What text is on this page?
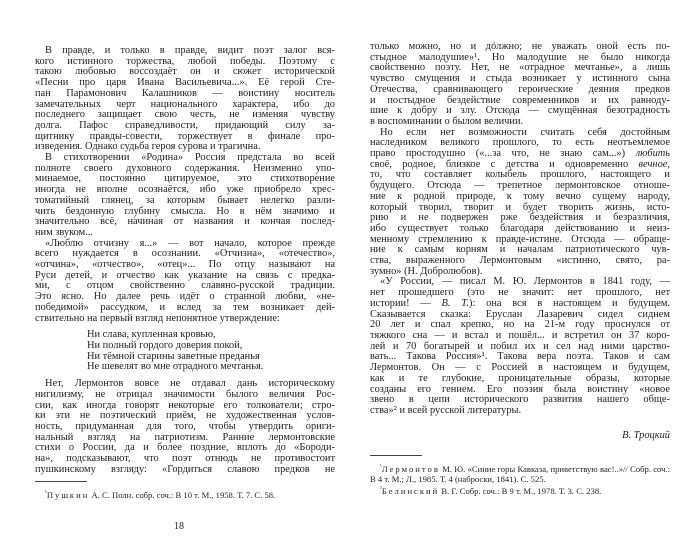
В правде, и только в правде, видит поэт залог вся-
кого истинного торжества, любой победы. Поэтому с
такою любовью воссоздаёт он и сюжет исторической
«Песни про царя Ивана Васильевича...». Её герой Сте-
пан Парамонович Калашников — воистину носитель
замечательных черт национального характера, ибо до
последнего защищает свою честь, не изменяя чувству
долга. Пафос справедливости, придающий силу за-
щитнику правды-совести, торжествует в финале про-
изведения. Однако судьба героя сурова и трагична.
В стихотворении «Родина» Россия предстала во всей
полноте своего духовного содержания. Неизменно упо-
минаемое, постоянно цитируемое, это стихотворение
иногда не вполне осознаётся, ибо уже приобрело хрес-
томатийный глянец, за которым бывает нелегко разли-
чить бездонную глубину смысла. Но в нём значимо и
значительно всё, начиная от названия и кончая послед-
ним звуком...
«Люблю отчизну я...» — вот начало, которое прежде
всего нуждается в осознании. «Отчизна», «отечество»,
«отчина», «отчество», «отец»... По отцу называют на
Руси детей, и отчество как указание на связь с предка-
ми, с отцом свойственно славяно-русской традиции.
Это ясно. Но далее речь идёт о странной любви, «не-
победимой» рассудком, и вслед за тем возникает дей-
ствительно на первый взгляд непонятное утверждение:
Ни слава, купленная кровью,
Ни полный гордого доверия покой,
Ни тёмной старины заветные преданья
Не шевелят во мне отрадного мечтанья.
Нет, Лермонтов вовсе не отдавал дань историческому
нигилизму, не отрицал значимости былого величия Рос-
сии, как иногда говорят некоторые его толкователи; стро-
ки эти не поэтический приём, не художественная услов-
ность, придуманная для того, чтобы утвердить ориги-
нальный взгляд на патриотизм. Ранние лермонтовские
стихи о России, да и более поздние, вплоть до «Бороди-
на», подсказывают, что поэт отнюдь не противостоит
пушкинскому взгляду: «Гордиться славою предков не
$^{^1}$Пушкин А. С. Полн. собр. соч.: В 10 т. М., 1958. Т. 7. С. 58.
18
только можно, но и дóлжно; не уважать оной есть по-
стыдное малодушие»¹. Но малодушие не было никогда
свойственно поэту. Нет, не «отрадное мечтанье», а лишь
чувство смущения и стыда возникает у истинного сына
Отечества, сравнивающего героические деяния предков
и постыдное бездействие современников и их равноду-
шие к добру и злу. Отсюда — смущённая безотрадность
в воспоминании о былом величии.
Но если нет возможности считать себя достойным
наследником великого прошлого, то есть неотъемлемое
право простодушно («...за что, не знаю сам...») любить
своё, родное, близкое с детства и одновременно вечное,
то, что составляет колыбель прошлого, настоящего и
будущего. Отсюда — трепетное лермонтовское отноше-
ние к родной природе, к тому вечно сущему народу,
который творил, творит и будет творить жизнь, исто-
рию и не подвержен ржe бездействия и безразличия,
ибо существует только благодаря действованию и неиз-
менному стремлению к правде-истине. Отсюда — обраще-
ние к самым корням и началам патриотического чув-
ства, выраженного Лермонтовым «истинно, свято, ра-
зумно» (Н. Добролюбов).
«У России, — писал М. Ю. Лермонтов в 1841 году, —
нет прошедшего (это не значит: нет прошлого, нет
истории! — В. Т.): она вся в настоящем и будущем.
Сказывается сказка: Еруслан Лазаревич сидел сиднем
20 лет и спал крепко, но на 21-м году проснулся от
тяжкого сна — и встал и пошёл... и встретил он 37 коро-
лей и 70 богатырей и побил их и сел над ними царство-
вать... Такова Россия»¹. Такова вера поэта. Таков и сам
Лермонтов. Он — с Россией в настоящем и будущем,
как и те глубокие, проницательные образы, которые
созданы его гением. Его поэзия была воистину «новое
звено в цепи исторического развития нашего обще-
ства»² и всей русской литературы.
В. Троцкий
$^{^1}$Лермонтов М. Ю. «Синие горы Кавказа, приветствую вас!..»// Собр. соч.: В 4 т. М.; Л., 1985. Т. 4 (наброски, 1841). С. 525.
$^{^2}$Белинский В. Г. Собр. соч.: В 9 т. М., 1978. Т. 3. С. 238.
